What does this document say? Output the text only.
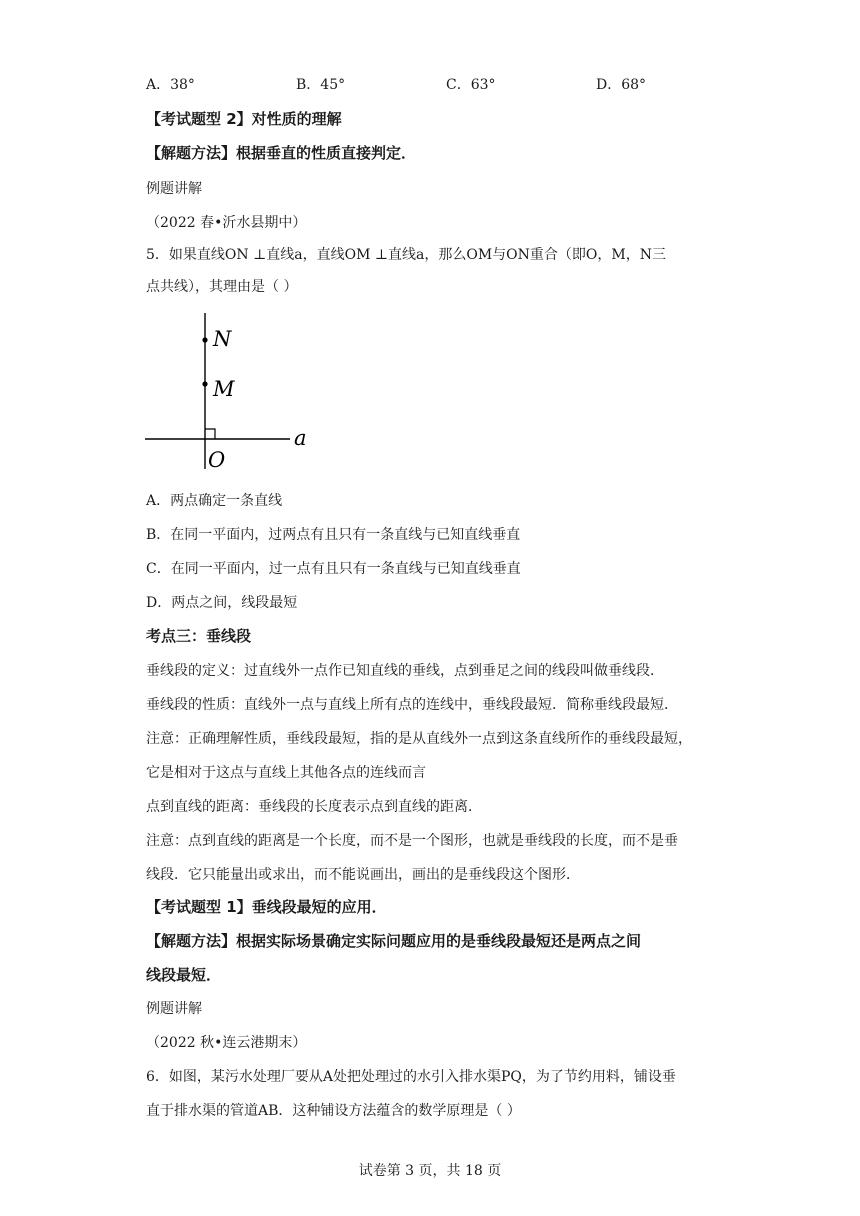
A．38°	B．45°	C．63°	D．68°
【考试题型 2】对性质的理解
【解题方法】根据垂直的性质直接判定．
例题讲解
（2022 春•沂水县期中）
5．如果直线ON ⊥直线a，直线OM ⊥直线a，那么OM与ON重合（即O，M，N三
点共线），其理由是（ ）
N
M
O
a
A．两点确定一条直线
B．在同一平面内，过两点有且只有一条直线与已知直线垂直
C．在同一平面内，过一点有且只有一条直线与已知直线垂直
D．两点之间，线段最短
考点三：垂线段
垂线段的定义：过直线外一点作已知直线的垂线，点到垂足之间的线段叫做垂线段．
垂线段的性质：直线外一点与直线上所有点的连线中，垂线段最短．简称垂线段最短．
注意：正确理解性质，垂线段最短，指的是从直线外一点到这条直线所作的垂线段最短，
它是相对于这点与直线上其他各点的连线而言
点到直线的距离：垂线段的长度表示点到直线的距离．
注意：点到直线的距离是一个长度，而不是一个图形，也就是垂线段的长度，而不是垂
线段．它只能量出或求出，而不能说画出，画出的是垂线段这个图形．
【考试题型 1】垂线段最短的应用．
【解题方法】根据实际场景确定实际问题应用的是垂线段最短还是两点之间
线段最短．
例题讲解
（2022 秋•连云港期末）
6．如图，某污水处理厂要从A处把处理过的水引入排水渠PQ，为了节约用料，铺设垂
直于排水渠的管道AB．这种铺设方法蕴含的数学原理是（ ）
试卷第 3 页，共 18 页
